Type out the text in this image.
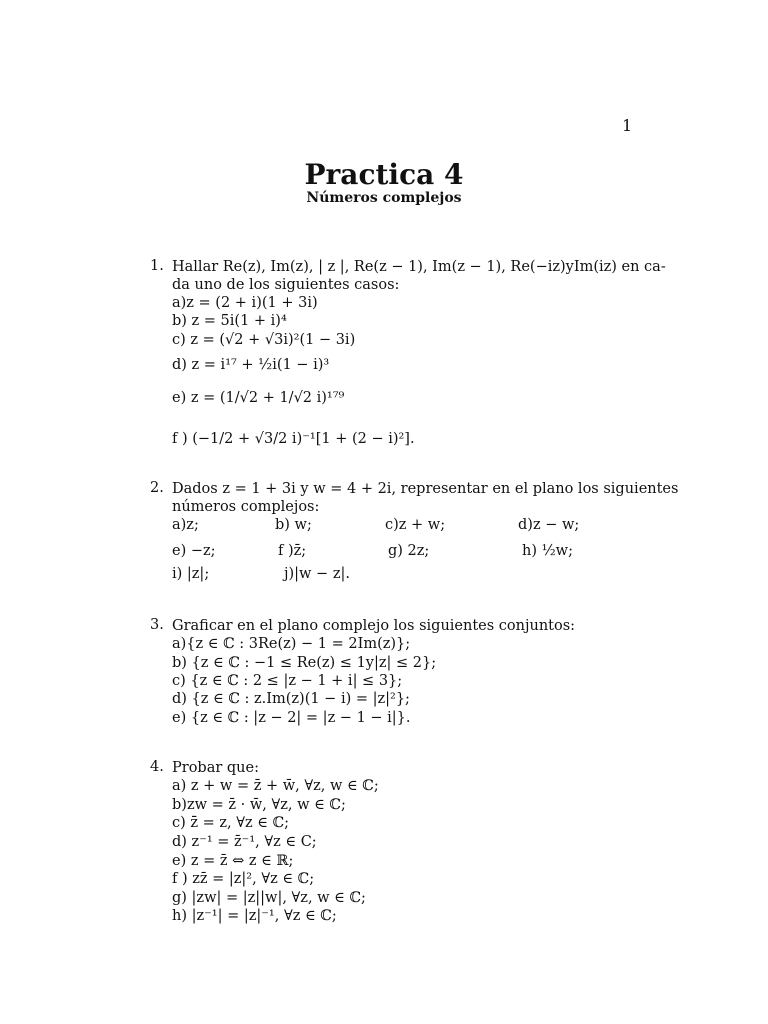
1
Practica 4
Números complejos
1. Hallar Re(z), Im(z), | z |, Re(z − 1), Im(z − 1), Re(−iz)yIm(iz) en ca-
da uno de los siguientes casos:
a)z = (2 + i)(1 + 3i)
b) z = 5i(1 + i)⁴
c) z = (√2 + √3i)²(1 − 3i)
d) z = i¹⁷ + ½i(1 − i)³
e) z = (1/√2 + 1/√2 i)¹⁷⁹
f ) (−1/2 + √3/2 i)⁻¹[1 + (2 − i)²].
2. Dados z = 1 + 3i y w = 4 + 2i, representar en el plano los siguientes
números complejos:
a)z;	b) w;	c)z + w;	d)z − w;
e) −z;	f )z̄;	g) 2z;	h) ½w;
i) |z|;	j)|w − z|.
3. Graficar en el plano complejo los siguientes conjuntos:
a){z ∈ ℂ : 3Re(z) − 1 = 2Im(z)};
b) {z ∈ ℂ : −1 ≤ Re(z) ≤ 1y|z| ≤ 2};
c) {z ∈ ℂ : 2 ≤ |z − 1 + i| ≤ 3};
d) {z ∈ ℂ : z.Im(z)(1 − i) = |z|²};
e) {z ∈ ℂ : |z − 2| = |z − 1 − i|}.
4. Probar que:
a) z + w = z̄ + w̄, ∀z, w ∈ ℂ;
b)zw = z̄ · w̄, ∀z, w ∈ ℂ;
c) z̄̄ = z, ∀z ∈ ℂ;
d) z⁻¹ = z̄⁻¹, ∀z ∈ C;
e) z = z̄ ⇔ z ∈ ℝ;
f ) zz̄ = |z|², ∀z ∈ ℂ;
g) |zw| = |z||w|, ∀z, w ∈ ℂ;
h) |z⁻¹| = |z|⁻¹, ∀z ∈ ℂ;
